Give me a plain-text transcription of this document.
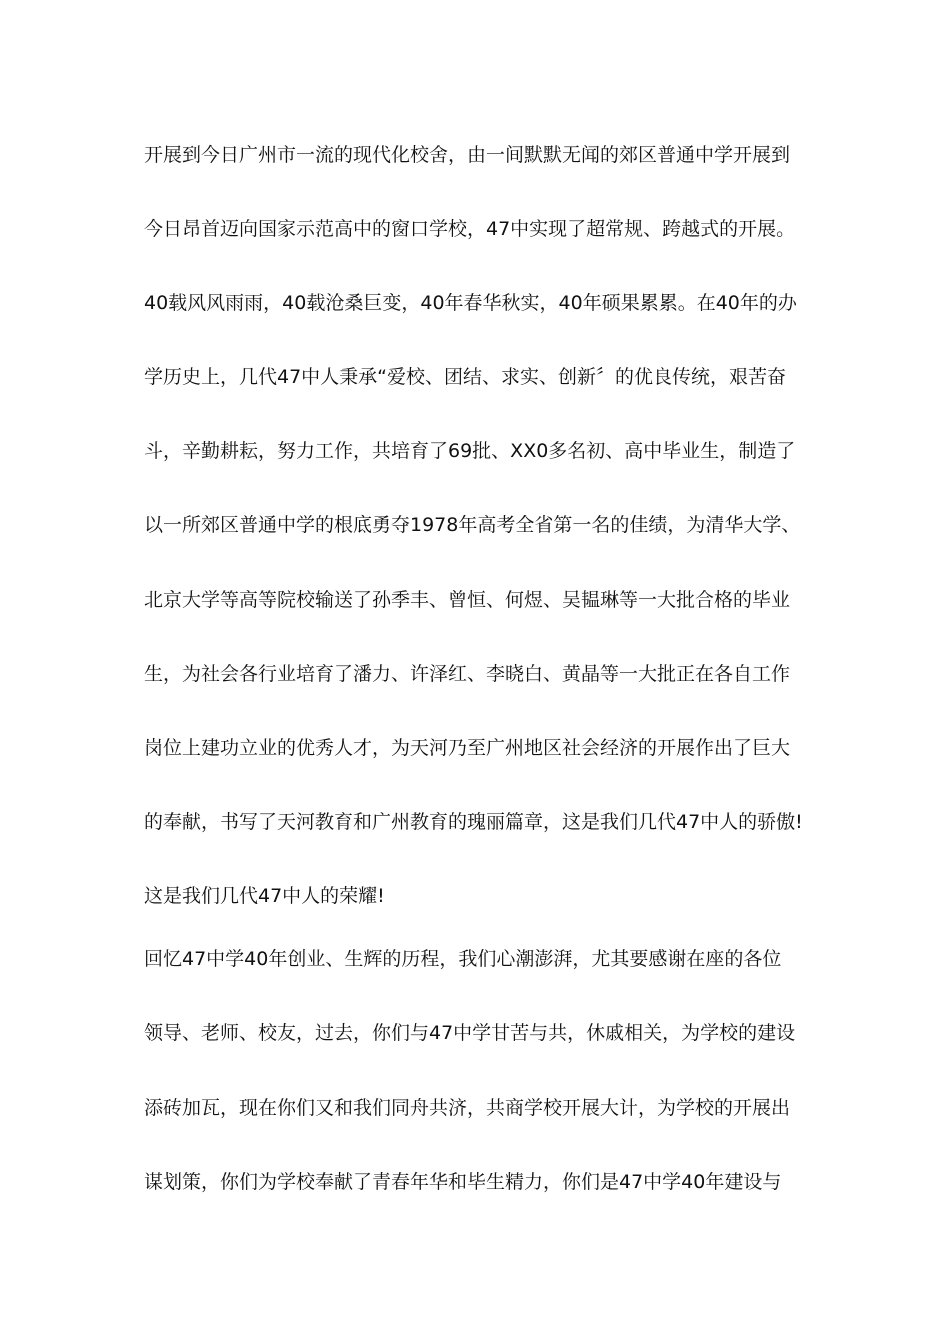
开展到今日广州市一流的现代化校舍，由一间默默无闻的郊区普通中学开展到
今日昂首迈向国家示范高中的窗口学校，47中实现了超常规、跨越式的开展。
40载风风雨雨，40载沧桑巨变，40年春华秋实，40年硕果累累。在40年的办
学历史上，几代47中人秉承“爱校、团结、求实、创新〞的优良传统，艰苦奋
斗，辛勤耕耘，努力工作，共培育了69批、XX0多名初、高中毕业生，制造了
以一所郊区普通中学的根底勇夺1978年高考全省第一名的佳绩，为清华大学、
北京大学等高等院校输送了孙季丰、曾恒、何煜、吴韫琳等一大批合格的毕业
生，为社会各行业培育了潘力、许泽红、李晓白、黄晶等一大批正在各自工作
岗位上建功立业的优秀人才，为天河乃至广州地区社会经济的开展作出了巨大
的奉献，书写了天河教育和广州教育的瑰丽篇章，这是我们几代47中人的骄傲!
这是我们几代47中人的荣耀!
回忆47中学40年创业、生辉的历程，我们心潮澎湃，尤其要感谢在座的各位
领导、老师、校友，过去，你们与47中学甘苦与共，休戚相关，为学校的建设
添砖加瓦，现在你们又和我们同舟共济，共商学校开展大计，为学校的开展出
谋划策，你们为学校奉献了青春年华和毕生精力，你们是47中学40年建设与
